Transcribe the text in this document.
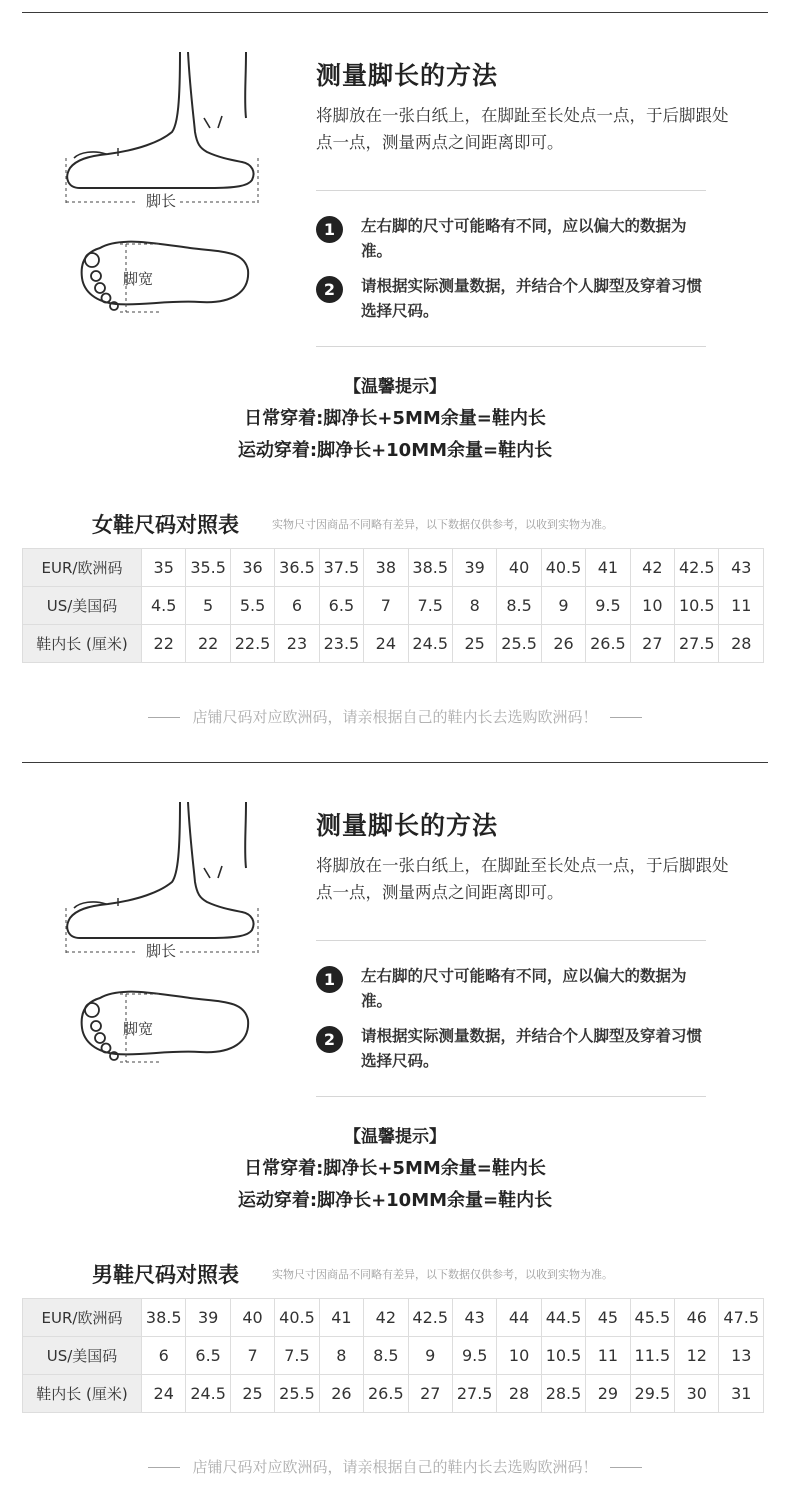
脚长
脚宽
测量脚长的方法
将脚放在一张白纸上，在脚趾至长处点一点，于后脚跟处点一点，测量两点之间距离即可。
1	左右脚的尺寸可能略有不同，应以偏大的数据为准。
2	请根据实际测量数据，并结合个人脚型及穿着习惯选择尺码。
【温馨提示】
日常穿着:脚净长+5MM余量=鞋内长
运动穿着:脚净长+10MM余量=鞋内长
女鞋尺码对照表	实物尺寸因商品不同略有差异，以下数据仅供参考，以收到实物为准。
EUR/欧洲码	35	35.5	36	36.5	37.5	38	38.5	39	40	40.5	41	42	42.5	43
US/美国码	4.5	5	5.5	6	6.5	7	7.5	8	8.5	9	9.5	10	10.5	11
鞋内长 (厘米)	22	22	22.5	23	23.5	24	24.5	25	25.5	26	26.5	27	27.5	28
店铺尺码对应欧洲码，请亲根据自己的鞋内长去选购欧洲码！
脚长
脚宽
测量脚长的方法
将脚放在一张白纸上，在脚趾至长处点一点，于后脚跟处点一点，测量两点之间距离即可。
1	左右脚的尺寸可能略有不同，应以偏大的数据为准。
2	请根据实际测量数据，并结合个人脚型及穿着习惯选择尺码。
【温馨提示】
日常穿着:脚净长+5MM余量=鞋内长
运动穿着:脚净长+10MM余量=鞋内长
男鞋尺码对照表	实物尺寸因商品不同略有差异，以下数据仅供参考，以收到实物为准。
EUR/欧洲码	38.5	39	40	40.5	41	42	42.5	43	44	44.5	45	45.5	46	47.5
US/美国码	6	6.5	7	7.5	8	8.5	9	9.5	10	10.5	11	11.5	12	13
鞋内长 (厘米)	24	24.5	25	25.5	26	26.5	27	27.5	28	28.5	29	29.5	30	31
店铺尺码对应欧洲码，请亲根据自己的鞋内长去选购欧洲码！
